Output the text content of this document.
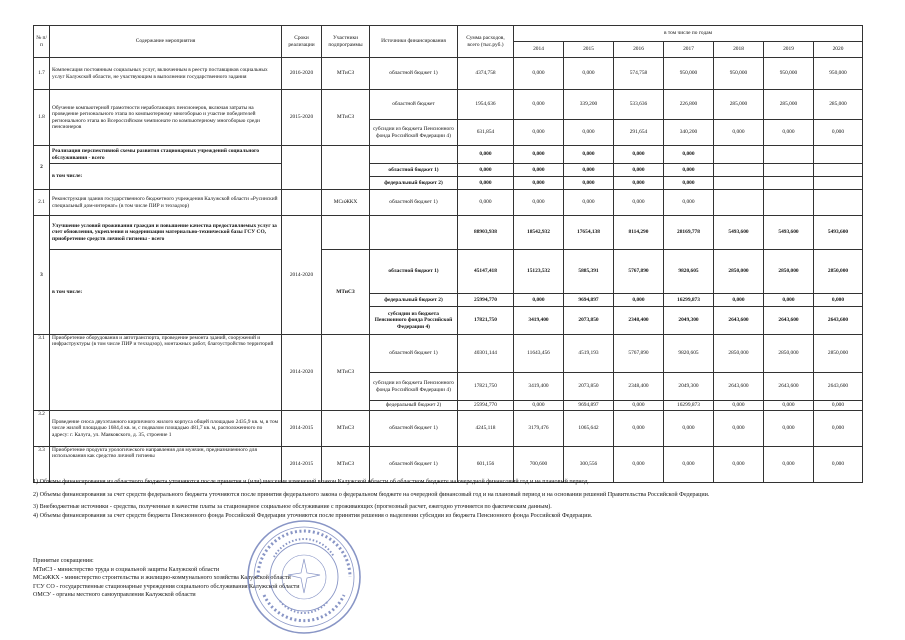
№ п/п	Содержание мероприятия	Сроки реализации	Участники подпрограммы	Источники финансирования	Сумма расходов, всего (тыс.руб.)	в том числе по годам						
						2014	2015	2016	2017	2018	2019	2020
1.7	Компенсация постоянным социальных услуг, включенным в реестр поставщиков социальных услуг Калужской области, не участвующим в выполнении государственного задания	2016-2020	МТиСЗ	областной бюджет 1)	4374,758	0,000	0,000	574,758	950,000	950,000	950,000	950,000
1.8	Обучение компьютерной грамотности неработающих пенсионеров, включая затраты на проведение регионального этапа по компьютерному многоборью и участие победителей регионального этапа во Всероссийском чемпионате по компьютерному многоборью среди пенсионеров	2015-2020	МТиСЗ	областной бюджет	1954,636	0,000	339,200	533,636	226,800	285,000	285,000	285,000
				субсидии из бюджета Пенсионного фонда Российской Федерации 4)	631,854	0,000	0,000	291,654	340,200	0,000	0,000	0,000
2	Реализация перспективной схемы развития стационарных учреждений социального обслуживания - всего				0,000	0,000	0,000	0,000	0,000			
	в том числе:			областной бюджет 1)	0,000	0,000	0,000	0,000	0,000			
				федеральный бюджет 2)	0,000	0,000	0,000	0,000	0,000			
2.1	Реконструкция здания государственного бюджетного учреждения Калужской области «Русинский специальный дом-интернат» (в том числе ПИР и техзадзор)		МСиЖКХ	областной бюджет 1)	0,000	0,000	0,000	0,000	0,000			
3	Улучшение условий проживания граждан и повышение качества предоставляемых услуг за счет обновления, укрепления и модернизации материально-технической базы ГСУ СО, приобретение средств личной гигиены - всего	2014-2020			88903,938	18542,932	17654,138	8114,290	28169,778	5493,600	5493,600	5493,600
	в том числе:		МТиСЗ	областной бюджет 1)	45147,418	15123,532	5885,391	5767,890	9820,605	2850,000	2850,000	2850,000
				федеральный бюджет 2)	25994,770	0,000	9694,897	0,000	16299,873	0,000	0,000	0,000
				субсидии из бюджета Пенсионного фонда Российской Федерации 4)	17821,750	3419,400	2073,850	2348,400	2049,300	2643,600	2643,600	2643,600
3.1	Приобретение оборудования и автотранспорта, проведение ремонта зданий, сооружений и инфраструктуры (в том числе ПИР и техзадзор), монтажных работ, благоустройство территорий	2014-2020	МТиСЗ	областной бюджет 1)	40301,144	11643,456	4519,193	5767,890	9820,605	2850,000	2850,000	2850,000
				субсидии из бюджета Пенсионного фонда Российской Федерации 4)	17821,750	3419,400	2073,850	2348,400	2049,300	2643,600	2643,600	2643,600
				федеральный бюджет 2)	25994,770	0,000	9694,897	0,000	16299,873	0,000	0,000	0,000
3.2	Проведение сноса двухэтажного кирпичного жилого корпуса общей площадью 2435,9 кв. м, в том числе жилой площадью 1684,4 кв. м, с подвалом площадью 481,7 кв. м, расположенного по адресу: г. Калуга, ул. Маяковского, д. 35, строение 1	2014-2015	МТиСЗ	областной бюджет 1)	4245,118	3179,476	1065,642	0,000	0,000	0,000	0,000	0,000
3.3	Приобретение продукта урологического направления для мужчин, предназначенного для использования как средство личной гигиены	2014-2015	МТиСЗ	областной бюджет 1)	601,156	700,600	300,556	0,000	0,000	0,000	0,000	0,000

1) Объемы финансирования из областного бюджета уточняются после принятия и (или) внесения изменений в закон Калужской области об областном бюджете на очередной финансовый год и на плановый период.

2) Объемы финансирования за счет средств федерального бюджета уточняются после принятия федерального закона о федеральном бюджете на очередной финансовый год и на плановый период и на основании решений Правительства Российской Федерации.

3) Внебюджетные источники - средства, полученные в качестве платы за стационарное социальное обслуживание с проживающих (прогнозный расчет, ежегодно уточняется по фактическим данным).

4) Объемы финансирования за счет средств бюджета Пенсионного фонда Российской Федерации уточняются после принятия решения о выделении субсидии из бюджета Пенсионного фонда Российской Федерации.

Принятые сокращения:

МТиСЗ - министерство труда и социальной защиты Калужской области

МСиЖКХ - министерство строительства и жилищно-коммунального хозяйства Калужской области

ГСУ СО - государственные стационарные учреждения социального обслуживания Калужской области

ОМСУ - органы местного самоуправления Калужской области
